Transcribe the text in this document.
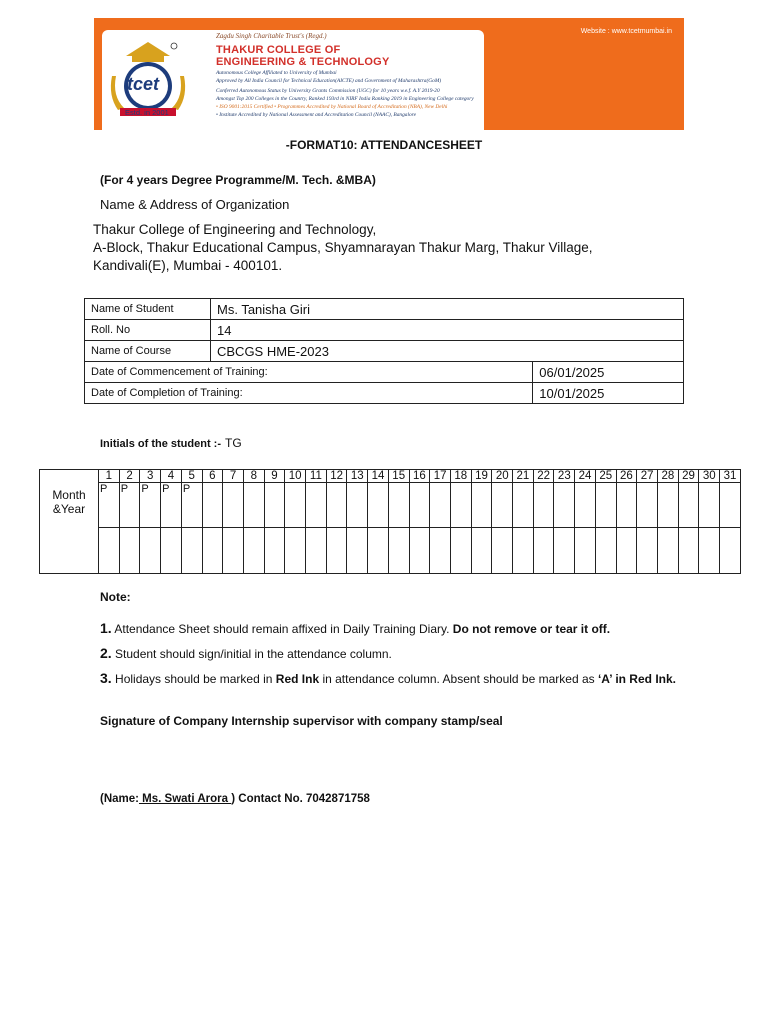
tcet
Estd. in 2001
Website : www.tcetmumbai.in
Zagdu Singh Charitable Trust's (Regd.)
THAKUR COLLEGE OF
ENGINEERING & TECHNOLOGY
Autonomous College Affiliated to University of Mumbai
Approved by All India Council for Technical Education(AICTE) and Government of Maharashtra(GoM)
Conferred Autonomous Status by University Grants Commission (UGC) for 10 years w.e.f. A.Y 2019-20
Amongst Top 200 Colleges in the Country, Ranked 193rd in NIRF India Ranking 2019 in Engineering College category
• ISO 9001:2015 Certified • Programmes Accredited by National Board of Accreditation (NBA), New Delhi
• Institute Accredited by National Assessment and Accreditation Council (NAAC), Bangalore
-FORMAT10: ATTENDANCESHEET
(For 4 years Degree Programme/M. Tech. &MBA)
Name & Address of Organization
Thakur College of Engineering and Technology,
A-Block, Thakur Educational Campus, Shyamnarayan Thakur Marg, Thakur Village,
Kandivali(E), Mumbai - 400101.
Name of Student	Ms. Tanisha Giri	
Roll. No	14	
Name of Course	CBCGS HME-2023	
Date of Commencement of Training:		06/01/2025
Date of Completion of Training:		10/01/2025
Initials of the student :- TG
Month &Year	1	2	3	4	5	6	7	8	9	10	11	12	13	14	15	16	17	18	19	20	21	22	23	24	25	26	27	28	29	30	31
	P	P	P	P	P																										

Note:
1. Attendance Sheet should remain affixed in Daily Training Diary. Do not remove or tear it off.
2. Student should sign/initial in the attendance column.
3. Holidays should be marked in Red Ink in attendance column. Absent should be marked as ‘A’ in Red Ink.
Signature of Company Internship supervisor with company stamp/seal
(Name: Ms. Swati Arora ) Contact No. 7042871758
